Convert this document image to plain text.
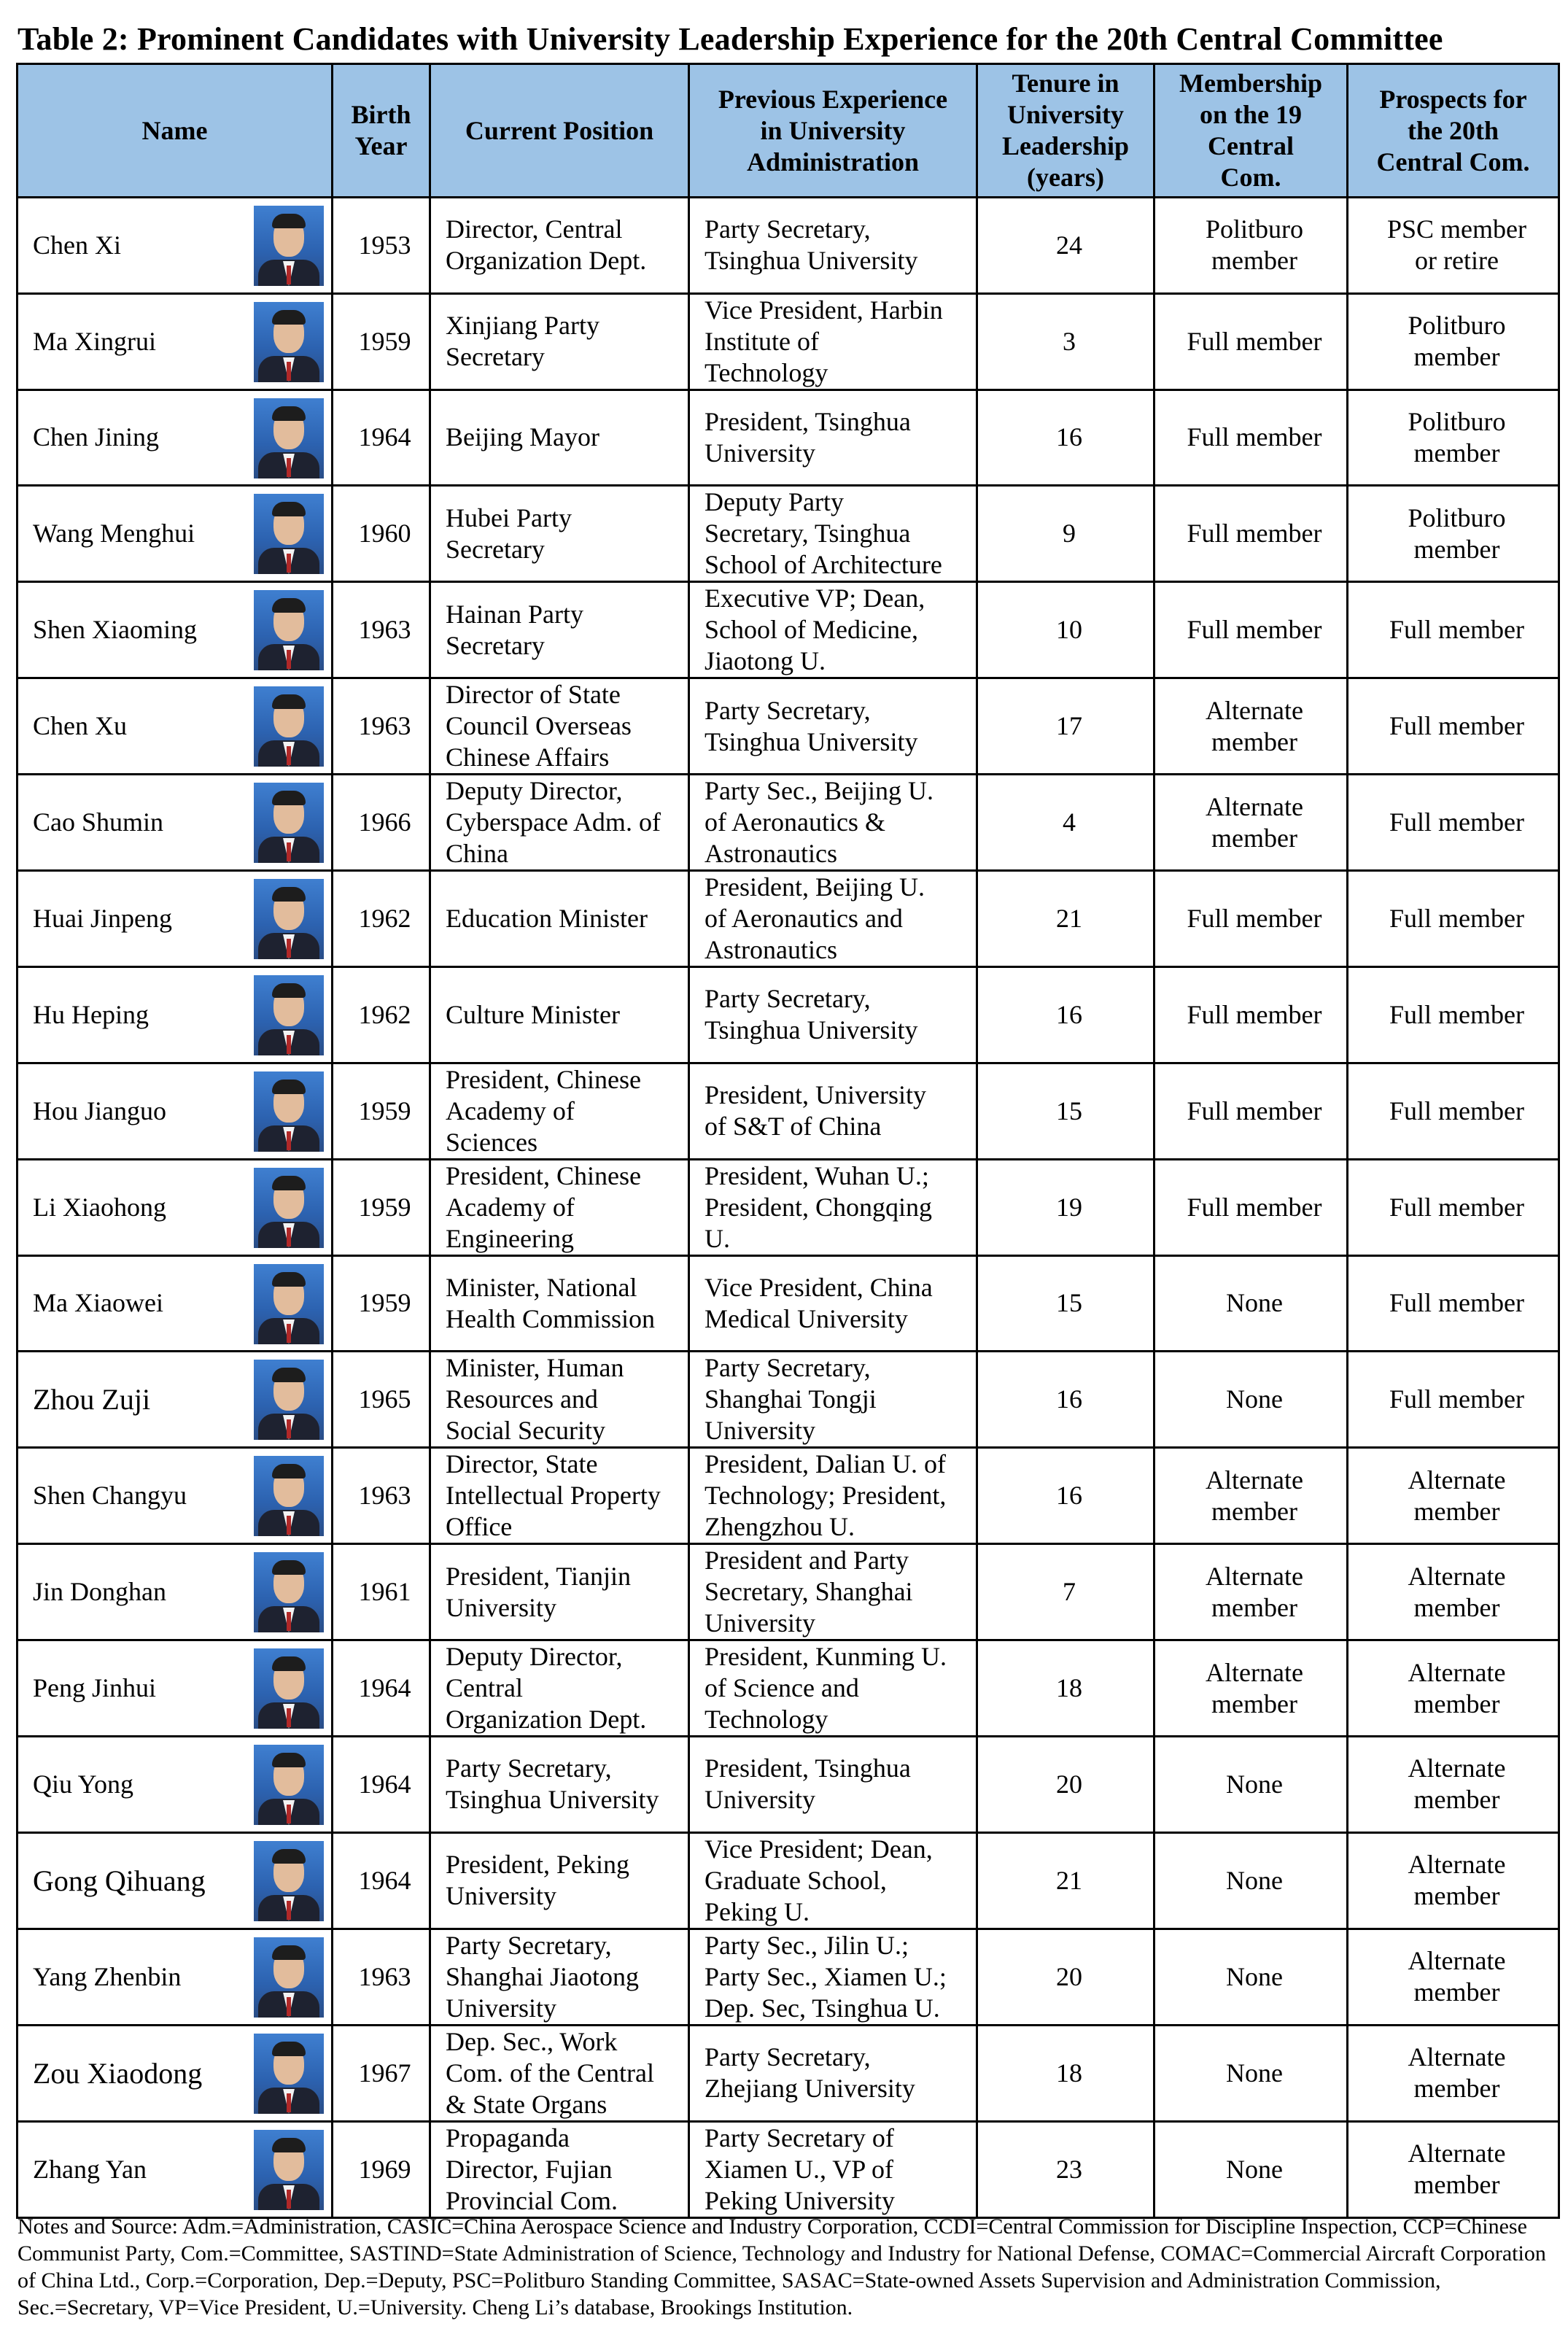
Table 2: Prominent Candidates with University Leadership Experience for the 20th Central Committee
Name	Birth
Year	Current Position	Previous Experience
in University
Administration	Tenure in
University
Leadership
(years)	Membership
on the 19
Central
Com.	Prospects for
the 20th
Central Com.

Chen Xi	1953	Director, Central
Organization Dept.	Party Secretary,
Tsinghua University	24	Politburo
member	PSC member
or retire

Ma Xingrui	1959	Xinjiang Party
Secretary	Vice President, Harbin
Institute of
Technology	3	Full member	Politburo
member

Chen Jining	1964	Beijing Mayor	President, Tsinghua
University	16	Full member	Politburo
member

Wang Menghui	1960	Hubei Party
Secretary	Deputy Party
Secretary, Tsinghua
School of Architecture	9	Full member	Politburo
member

Shen Xiaoming	1963	Hainan Party
Secretary	Executive VP; Dean,
School of Medicine,
Jiaotong U.	10	Full member	Full member

Chen Xu	1963	Director of State
Council Overseas
Chinese Affairs	Party Secretary,
Tsinghua University	17	Alternate
member	Full member

Cao Shumin	1966	Deputy Director,
Cyberspace Adm. of
China	Party Sec., Beijing U.
of Aeronautics &
Astronautics	4	Alternate
member	Full member

Huai Jinpeng	1962	Education Minister	President, Beijing U.
of Aeronautics and
Astronautics	21	Full member	Full member

Hu Heping	1962	Culture Minister	Party Secretary,
Tsinghua University	16	Full member	Full member

Hou Jianguo	1959	President, Chinese
Academy of
Sciences	President, University
of S&T of China	15	Full member	Full member

Li Xiaohong	1959	President, Chinese
Academy of
Engineering	President, Wuhan U.;
President, Chongqing
U.	19	Full member	Full member

Ma Xiaowei	1959	Minister, National
Health Commission	Vice President, China
Medical University	15	None	Full member

Zhou Zuji	1965	Minister, Human
Resources and
Social Security	Party Secretary,
Shanghai Tongji
University	16	None	Full member

Shen Changyu	1963	Director, State
Intellectual Property
Office	President, Dalian U. of
Technology; President,
Zhengzhou U.	16	Alternate
member	Alternate
member

Jin Donghan	1961	President, Tianjin
University	President and Party
Secretary, Shanghai
University	7	Alternate
member	Alternate
member

Peng Jinhui	1964	Deputy Director,
Central
Organization Dept.	President, Kunming U.
of Science and
Technology	18	Alternate
member	Alternate
member

Qiu Yong	1964	Party Secretary,
Tsinghua University	President, Tsinghua
University	20	None	Alternate
member

Gong Qihuang	1964	President, Peking
University	Vice President; Dean,
Graduate School,
Peking U.	21	None	Alternate
member

Yang Zhenbin	1963	Party Secretary,
Shanghai Jiaotong
University	Party Sec., Jilin U.;
Party Sec., Xiamen U.;
Dep. Sec, Tsinghua U.	20	None	Alternate
member

Zou Xiaodong	1967	Dep. Sec., Work
Com. of the Central
& State Organs	Party Secretary,
Zhejiang University	18	None	Alternate
member

Zhang Yan	1969	Propaganda
Director, Fujian
Provincial Com.	Party Secretary of
Xiamen U., VP of
Peking University	23	None	Alternate
member
Notes and Source: Adm.=Administration, CASIC=China Aerospace Science and Industry Corporation, CCDI=Central Commission for Discipline Inspection, CCP=Chinese Communist Party, Com.=Committee, SASTIND=State Administration of Science, Technology and Industry for National Defense, COMAC=Commercial Aircraft Corporation of China Ltd., Corp.=Corporation, Dep.=Deputy, PSC=Politburo Standing Committee, SASAC=State-owned Assets Supervision and Administration Commission, Sec.=Secretary, VP=Vice President, U.=University. Cheng Li’s database, Brookings Institution.
